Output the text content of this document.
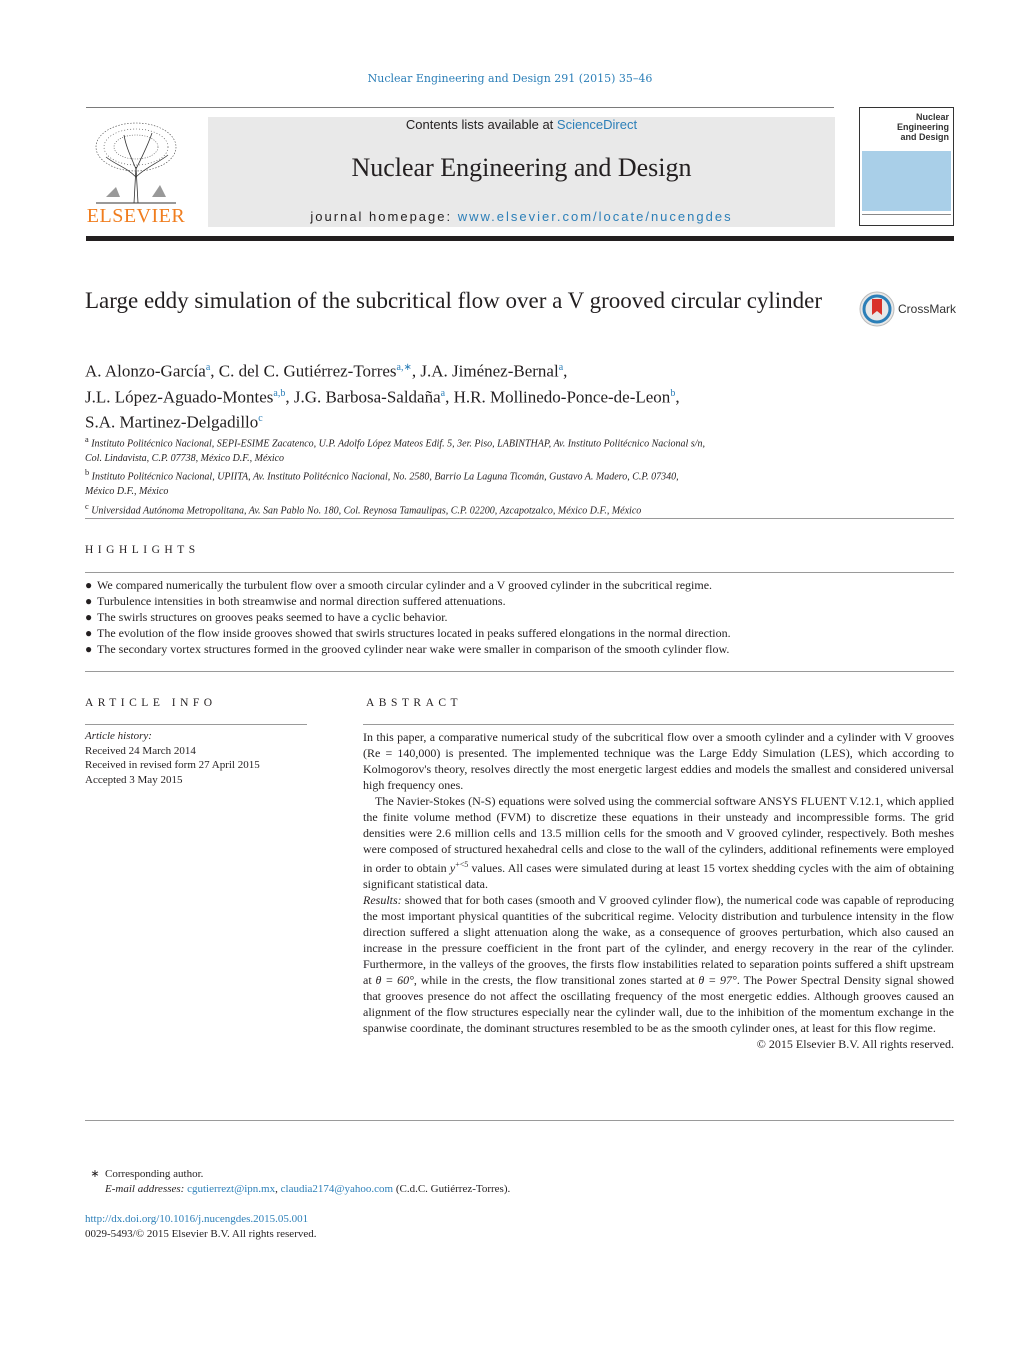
Nuclear Engineering and Design 291 (2015) 35–46
ELSEVIER
Contents lists available at ScienceDirect
Nuclear Engineering and Design
journal homepage: www.elsevier.com/locate/nucengdes
Nuclear Engineering
and Design
Large eddy simulation of the subcritical flow over a V grooved circular cylinder	CrossMark
A. Alonzo-García$^a$, C. del C. Gutiérrez-Torres$^{a,∗}$, J.A. Jiménez-Bernal$^a$,
J.L. López-Aguado-Montes$^{a,b}$, J.G. Barbosa-Saldaña$^a$, H.R. Mollinedo-Ponce-de-Leon$^b$,
S.A. Martinez-Delgadillo$^c$
$^a$ Instituto Politécnico Nacional, SEPI-ESIME Zacatenco, U.P. Adolfo López Mateos Edif. 5, 3er. Piso, LABINTHAP, Av. Instituto Politécnico Nacional s/n,
Col. Lindavista, C.P. 07738, México D.F., México
$^b$ Instituto Politécnico Nacional, UPIITA, Av. Instituto Politécnico Nacional, No. 2580, Barrio La Laguna Ticomán, Gustavo A. Madero, C.P. 07340,
México D.F., México
$^c$ Universidad Autónoma Metropolitana, Av. San Pablo No. 180, Col. Reynosa Tamaulipas, C.P. 02200, Azcapotzalco, México D.F., México
HIGHLIGHTS
● We compared numerically the turbulent flow over a smooth circular cylinder and a V grooved cylinder in the subcritical regime.
● Turbulence intensities in both streamwise and normal direction suffered attenuations.
● The swirls structures on grooves peaks seemed to have a cyclic behavior.
● The evolution of the flow inside grooves showed that swirls structures located in peaks suffered elongations in the normal direction.
● The secondary vortex structures formed in the grooved cylinder near wake were smaller in comparison of the smooth cylinder flow.
ARTICLE INFO
Article history:
Received 24 March 2014
Received in revised form 27 April 2015
Accepted 3 May 2015
ABSTRACT

In this paper, a comparative numerical study of the subcritical flow over a smooth cylinder and a cylinder with V grooves (Re = 140,000) is presented. The implemented technique was the Large Eddy Simulation (LES), which according to Kolmogorov's theory, resolves directly the most energetic largest eddies and models the smallest and considered universal high frequency ones.

The Navier-Stokes (N-S) equations were solved using the commercial software ANSYS FLUENT V.12.1, which applied the finite volume method (FVM) to discretize these equations in their unsteady and incompressible forms. The grid densities were 2.6 million cells and 13.5 million cells for the smooth and V grooved cylinder, respectively. Both meshes were composed of structured hexahedral cells and close to the wall of the cylinders, additional refinements were employed in order to obtain $y^{+<5}$ values. All cases were simulated during at least 15 vortex shedding cycles with the aim of obtaining significant statistical data.

Results: showed that for both cases (smooth and V grooved cylinder flow), the numerical code was capable of reproducing the most important physical quantities of the subcritical regime. Velocity distribution and turbulence intensity in the flow direction suffered a slight attenuation along the wake, as a consequence of grooves perturbation, which also caused an increase in the pressure coefficient in the front part of the cylinder, and energy recovery in the rear of the cylinder. Furthermore, in the valleys of the grooves, the firsts flow instabilities related to separation points suffered a shift upstream at θ = 60°, while in the crests, the flow transitional zones started at θ = 97°. The Power Spectral Density signal showed that grooves presence do not affect the oscillating frequency of the most energetic eddies. Although grooves caused an alignment of the flow structures especially near the cylinder wall, due to the inhibition of the momentum exchange in the spanwise coordinate, the dominant structures resembled to be as the smooth cylinder ones, at least for this flow regime.

© 2015 Elsevier B.V. All rights reserved.

∗ Corresponding author.
E-mail addresses: cgutierrezt@ipn.mx, claudia2174@yahoo.com (C.d.C. Gutiérrez-Torres).
http://dx.doi.org/10.1016/j.nucengdes.2015.05.001
0029-5493/© 2015 Elsevier B.V. All rights reserved.
